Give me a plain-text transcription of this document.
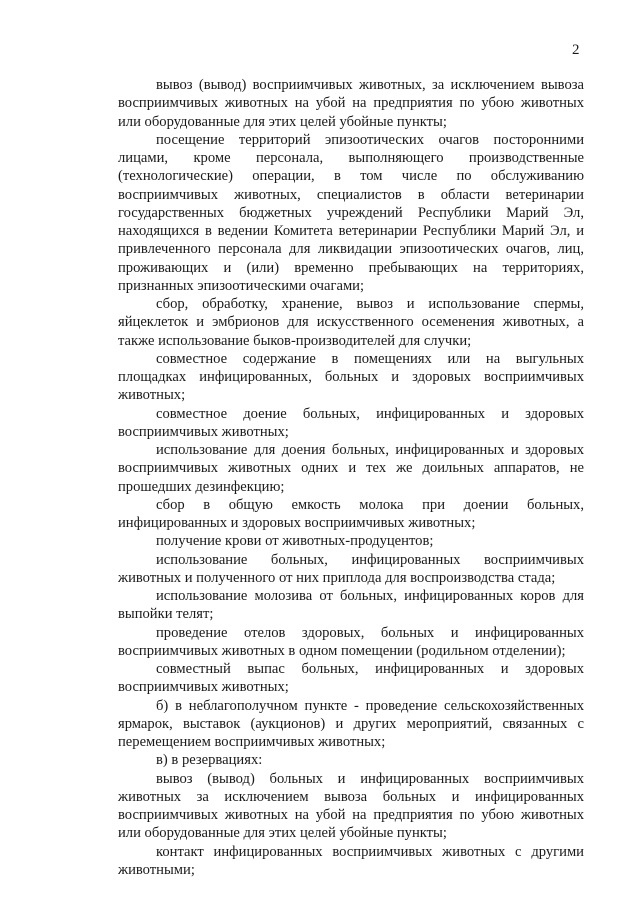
2

вывоз (вывод) восприимчивых животных, за исключением вывоза восприимчивых животных на убой на предприятия по убою животных или оборудованные для этих целей убойные пункты;

посещение территорий эпизоотических очагов посторонними лицами, кроме персонала, выполняющего производственные (технологические) операции, в том числе по обслуживанию восприимчивых животных, специалистов в области ветеринарии государственных бюджетных учреждений Республики Марий Эл, находящихся в ведении Комитета ветеринарии Республики Марий Эл, и привлеченного персонала для ликвидации эпизоотических очагов, лиц, проживающих и (или) временно пребывающих на территориях, признанных эпизоотическими очагами;

сбор, обработку, хранение, вывоз и использование спермы, яйцеклеток и эмбрионов для искусственного осеменения животных, а также использование быков-производителей для случки;

совместное содержание в помещениях или на выгульных площадках инфицированных, больных и здоровых восприимчивых животных;

совместное доение больных, инфицированных и здоровых восприимчивых животных;

использование для доения больных, инфицированных и здоровых восприимчивых животных одних и тех же доильных аппаратов, не прошедших дезинфекцию;

сбор в общую емкость молока при доении больных, инфицированных и здоровых восприимчивых животных;

получение крови от животных-продуцентов;

использование больных, инфицированных восприимчивых животных и полученного от них приплода для воспроизводства стада;

использование молозива от больных, инфицированных коров для выпойки телят;

проведение отелов здоровых, больных и инфицированных восприимчивых животных в одном помещении (родильном отделении);

совместный выпас больных, инфицированных и здоровых восприимчивых животных;

б) в неблагополучном пункте - проведение сельскохозяйственных ярмарок, выставок (аукционов) и других мероприятий, связанных с перемещением восприимчивых животных;

в) в резервациях:

вывоз (вывод) больных и инфицированных восприимчивых животных за исключением вывоза больных и инфицированных восприимчивых животных на убой на предприятия по убою животных или оборудованные для этих целей убойные пункты;

контакт инфицированных восприимчивых животных с другими животными;
